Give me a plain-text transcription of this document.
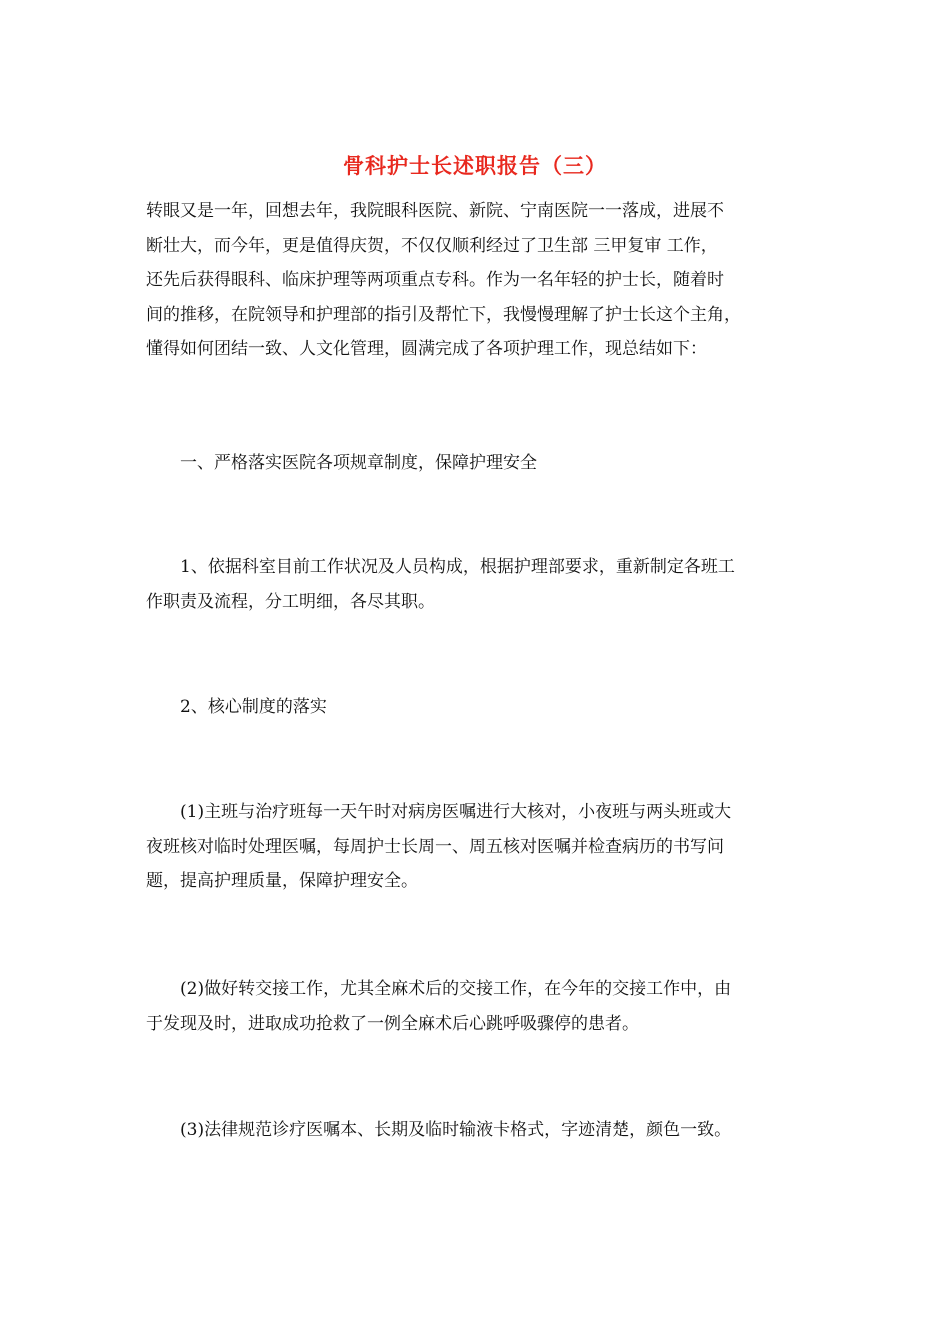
骨科护士长述职报告（三）
转眼又是一年，回想去年，我院眼科医院、新院、宁南医院一一落成，进展不
断壮大，而今年，更是值得庆贺，不仅仅顺利经过了卫生部 三甲复审 工作，
还先后获得眼科、临床护理等两项重点专科。作为一名年轻的护士长，随着时
间的推移，在院领导和护理部的指引及帮忙下，我慢慢理解了护士长这个主角，
懂得如何团结一致、人文化管理，圆满完成了各项护理工作，现总结如下：
　　一、严格落实医院各项规章制度，保障护理安全
　　1、依据科室目前工作状况及人员构成，根据护理部要求，重新制定各班工
作职责及流程，分工明细，各尽其职。
　　2、核心制度的落实
　　(1)主班与治疗班每一天午时对病房医嘱进行大核对，小夜班与两头班或大
夜班核对临时处理医嘱，每周护士长周一、周五核对医嘱并检查病历的书写问
题，提高护理质量，保障护理安全。
　　(2)做好转交接工作，尤其全麻术后的交接工作，在今年的交接工作中，由
于发现及时，进取成功抢救了一例全麻术后心跳呼吸骤停的患者。
　　(3)法律规范诊疗医嘱本、长期及临时输液卡格式，字迹清楚，颜色一致。
